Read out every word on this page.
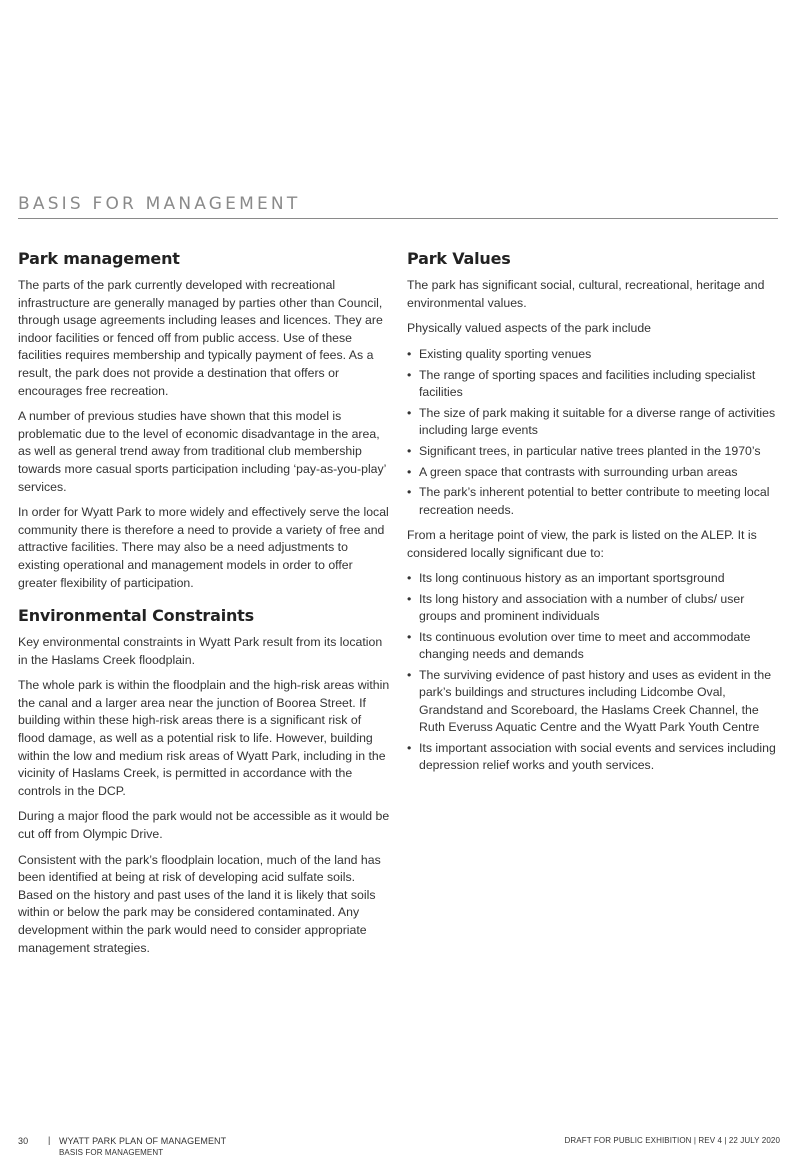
BASIS FOR MANAGEMENT
Park management

The parts of the park currently developed with recreational infrastructure are generally managed by parties other than Council, through usage agreements including leases and licences. They are indoor facilities or fenced off from public access. Use of these facilities requires membership and typically payment of fees. As a result, the park does not provide a destination that offers or encourages free recreation.

A number of previous studies have shown that this model is problematic due to the level of economic disadvantage in the area, as well as general trend away from traditional club membership towards more casual sports participation including ‘pay-as-you-play’ services.

In order for Wyatt Park to more widely and effectively serve the local community there is therefore a need to provide a variety of free and attractive facilities. There may also be a need adjustments to existing operational and management models in order to offer greater flexibility of participation.

Environmental Constraints

Key environmental constraints in Wyatt Park result from its location in the Haslams Creek floodplain.

The whole park is within the floodplain and the high-risk areas within the canal and a larger area near the junction of Boorea Street. If building within these high-risk areas there is a significant risk of flood damage, as well as a potential risk to life. However, building within the low and medium risk areas of Wyatt Park, including in the vicinity of Haslams Creek, is permitted in accordance with the controls in the DCP.

During a major flood the park would not be accessible as it would be cut off from Olympic Drive.

Consistent with the park’s floodplain location, much of the land has been identified at being at risk of developing acid sulfate soils. Based on the history and past uses of the land it is likely that soils within or below the park may be considered contaminated. Any development within the park would need to consider appropriate management strategies.

Park Values

The park has significant social, cultural, recreational, heritage and environmental values.

Physically valued aspects of the park include

• Existing quality sporting venues
• The range of sporting spaces and facilities including specialist facilities
• The size of park making it suitable for a diverse range of activities including large events
• Significant trees, in particular native trees planted in the 1970’s
• A green space that contrasts with surrounding urban areas
• The park’s inherent potential to better contribute to meeting local recreation needs.

From a heritage point of view, the park is listed on the ALEP. It is considered locally significant due to:

• Its long continuous history as an important sportsground
• Its long history and association with a number of clubs/ user groups and prominent individuals
• Its continuous evolution over time to meet and accommodate changing needs and demands
• The surviving evidence of past history and uses as evident in the park’s buildings and structures including Lidcombe Oval, Grandstand and Scoreboard, the Haslams Creek Channel, the Ruth Everuss Aquatic Centre and the Wyatt Park Youth Centre
• Its important association with social events and services including depression relief works and youth services.
30 | WYATT PARK PLAN OF MANAGEMENT
BASIS FOR MANAGEMENT
DRAFT FOR PUBLIC EXHIBITION | REV 4 | 22 JULY 2020
